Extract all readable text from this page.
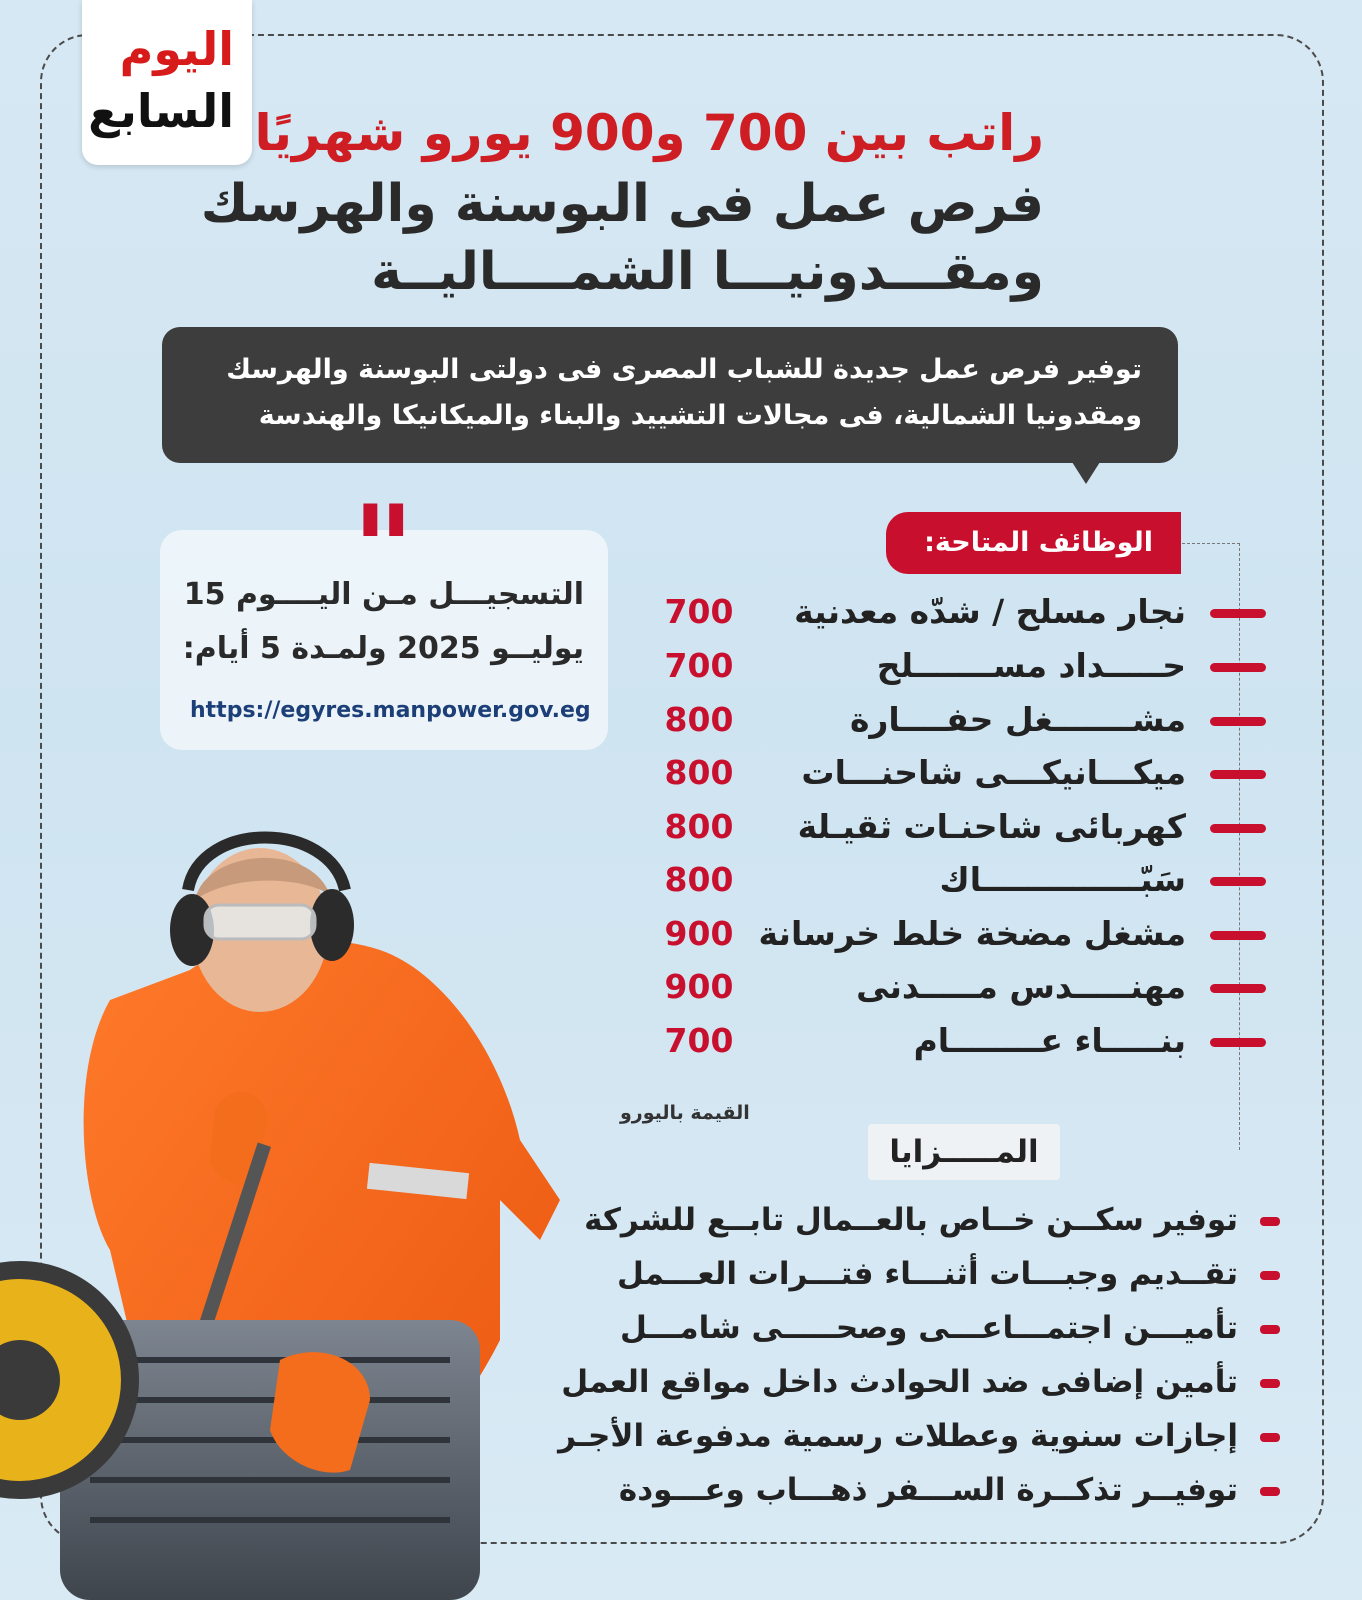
اليوم
السابع راتب بين 700 و900 يورو شهريًا
فرص عمل فى البوسنة والهرسك
ومقـــدونيـــا الشمــــاليــة
توفير فرص عمل جديدة للشباب المصرى فى دولتى البوسنة والهرسك
ومقدونيا الشمالية، فى مجالات التشييد والبناء والميكانيكا والهندسة
الوظائف المتاحة:
نجار مسلح / شدّه معدنية
700
حـــــداد مســـــــلح
700
مشـــــــغل حفــــارة
800
ميكـــانيكـــى شاحنـــات
800
كهربائى شاحنـات ثقيـلة
800
سَبّــــــــــــــاك
800
مشغل مضخة خلط خرسانة
900
مهنـــــدس مـــــدنى
900
بنـــــاء عــــــــام
700
القيمة باليورو
المـــــزايا
توفير سكــن خــاص بالعــمال تابــع للشركة
تقــديم وجبـــات أثنـــاء فتـــرات العـــمل
تأميـــن اجتمـــاعـــى وصحـــــى شامـــل
تأمين إضافى ضد الحوادث داخل مواقع العمل
إجازات سنوية وعطلات رسمية مدفوعة الأجـر
توفيــر تذكــرة الســـفر ذهـــاب وعـــودة
"
التسجيـــل مـن اليــــوم 15
يوليــو 2025 ولمـدة 5 أيام:
https://egyres.manpower.gov.eg
